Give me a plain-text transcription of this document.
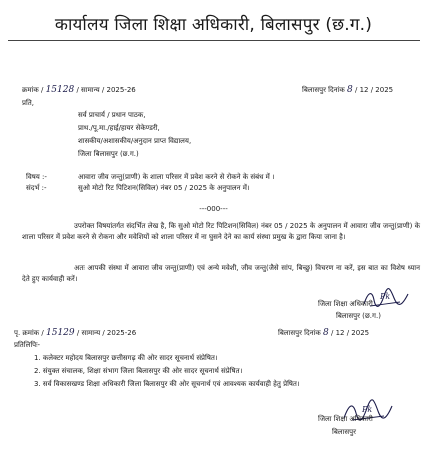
कार्यालय जिला शिक्षा अधिकारी, बिलासपुर (छ.ग.)
क्रमांक / 15128 / सामान्य / 2025-26	बिलासपुर दिनांक 8 / 12 / 2025
प्रति,
सर्व प्राचार्य / प्रधान पाठक,
प्राथ./पू.मा./हाई/हायर सेकेण्डरी,
शासकीय/अशासकीय/अनुदान प्राप्त विद्यालय,
जिला बिलासपुर (छ.ग.)
विषय :-	आवारा जीव जन्तु(प्राणी) के शाला परिसर में प्रवेश करने से रोकने के संबंध में ।
संदर्भ :-	सुओ मोटो रिट पिटिशन(सिविल) नंबर 05 / 2025 के अनुपालन में।
---000---
उपरोक्त विषयांतर्गत संदर्भित लेख है, कि सुओ मोटो रिट पिटिशन(सिविल) नंबर 05 / 2025 के अनुपालन में आवारा जीव जन्तु(प्राणी) के शाला परिसर में प्रवेश करने से रोकना और मवेशियों को शाला परिसर में ना घुसने देने का कार्य संस्था प्रमुख के द्वारा किया जाना है।
अतः आपकी संस्था में आवारा जीव जन्तु(प्राणी) एवं अन्ये मवेशी, जीव जन्तु(जैसे सांप, बिच्छु) विचरण ना करें, इस बात का विशेष ध्यान देते हुए कार्यवाही करें।
Pk
जिला शिक्षा अधिकारी
बिलासपुर (छ.ग.)
पृ. क्रमांक / 15129 / सामान्य / 2025-26	बिलासपुर दिनांक 8 / 12 / 2025
प्रतिलिपिः-
1. कलेक्टर महोदय बिलासपुर छत्तीसगढ़ की ओर सादर सूचनार्थ संप्रेषित।
2. संयुक्त संचालक, शिक्षा संभाग जिला बिलासपुर की ओर सादर सूचनार्थ संप्रेषित।
3. सर्व विकासखण्ड शिक्षा अधिकारी जिला बिलासपुर की ओर सूचनार्थ एवं आवश्यक कार्यवाही हेतु प्रेषित।
Pk
जिला शिक्षा अधिकारी
बिलासपुर
